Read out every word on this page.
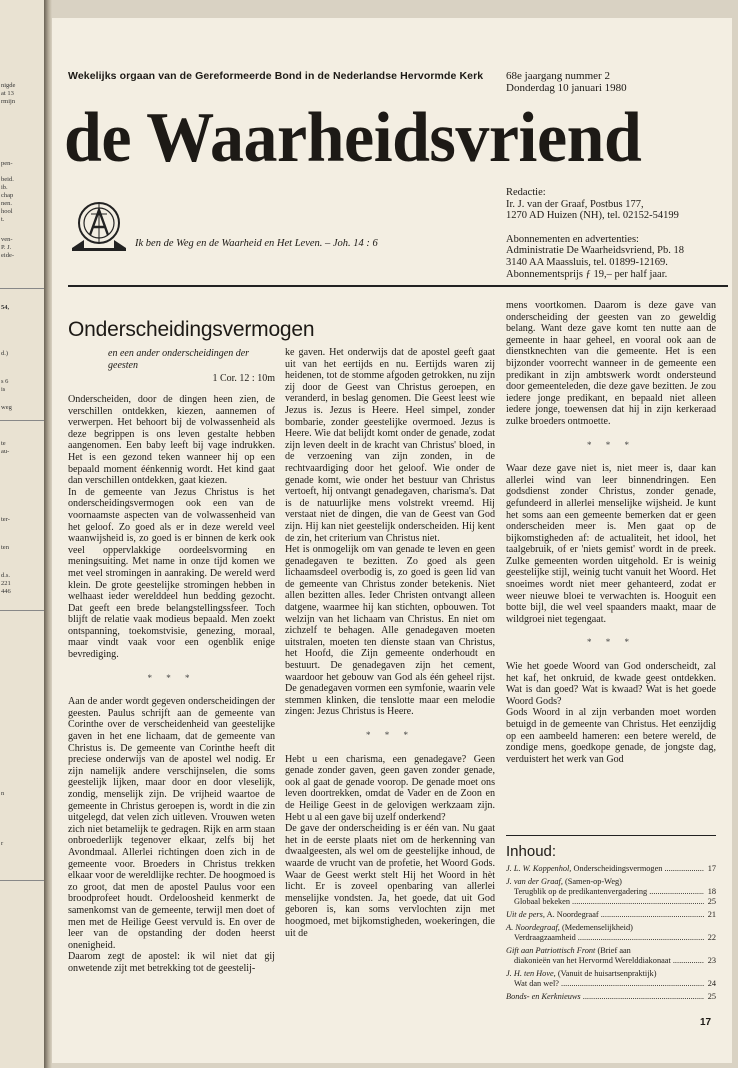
nigde
at 13
rmijn
pen-
beid.
ib.
chap
nen.
hool
t.
ven-
P. J.
eide-
54,
d.)
s 6
is
weg
te
au-
ter-
ten
d.s.
221
446
n
r
Wekelijks orgaan van de Gereformeerde Bond in de Nederlandse Hervormde Kerk 68e jaargang nummer 2
Donderdag 10 januari 1980
de Waarheidsvriend
Ik ben de Weg en de Waarheid en Het Leven. – Joh. 14 : 6
Redactie:
Ir. J. van der Graaf, Postbus 177,
1270 AD Huizen (NH), tel. 02152-54199
Abonnementen en advertenties:
Administratie De Waarheidsvriend, Pb. 18
3140 AA Maassluis, tel. 01899-12169.
Abonnementsprijs ƒ 19,– per half jaar.
Onderscheidingsvermogen
en een ander onderscheidingen der geesten
1 Cor. 12 : 10m

Onderscheiden, door de dingen heen zien, de verschillen ontdekken, kiezen, aannemen of verwerpen. Het behoort bij de volwassenheid als deze begrippen is ons leven gestalte hebben aangenomen. Een baby leeft bij vage indrukken. Het is een gezond teken wanneer hij op een bepaald moment éénkennig wordt. Het kind gaat dan verschillen ontdekken, gaat kiezen.

In de gemeente van Jezus Christus is het onderscheidingsvermogen ook een van de voornaamste aspecten van de volwassenheid van het geloof. Zo goed als er in deze wereld veel waanwijsheid is, zo goed is er binnen de kerk ook veel oppervlakkige oordeelsvorming en meningsuiting. Met name in onze tijd komen we met veel stromingen in aanraking. De wereld werd klein. De grote geestelijke stromingen hebben in welhaast ieder werelddeel hun bedding gezocht. Dat geeft een brede belangstellingssfeer. Toch blijft de relatie vaak modieus bepaald. Men zoekt ontspanning, toekomstvisie, genezing, moraal, maar vindt vaak voor een ogenblik enige bevrediging.

* * *

Aan de ander wordt gegeven onderscheidingen der geesten. Paulus schrijft aan de gemeente van Corinthe over de verscheidenheid van geestelijke gaven in het ene lichaam, dat de gemeente van Christus is. De gemeente van Corinthe heeft dit preciese onderwijs van de apostel wel nodig. Er zijn namelijk andere verschijnselen, die soms geestelijk lijken, maar door en door vleselijk, zondig, menselijk zijn. De vrijheid waartoe de gemeente in Christus geroepen is, wordt in die zin uitgelegd, dat velen zich uitleven. Vrouwen weten zich niet betamelijk te gedragen. Rijk en arm staan onbroederlijk tegenover elkaar, zelfs bij het Avondmaal. Allerlei richtingen doen zich in de gemeente voor. Broeders in Christus trekken elkaar voor de wereldlijke rechter. De hoogmoed is zo groot, dat men de apostel Paulus voor een broodprofeet houdt. Ordeloosheid kenmerkt de samenkomst van de gemeente, terwijl men doet of men met de Heilige Geest vervuld is. En over de leer van de opstanding der doden heerst onenigheid.

Daarom zegt de apostel: ik wil niet dat gij onwetende zijt met betrekking tot de geestelij-

ke gaven. Het onderwijs dat de apostel geeft gaat uit van het eertijds en nu. Eertijds waren zij heidenen, tot de stomme afgoden getrokken, nu zijn zij door de Geest van Christus geroepen, en veranderd, in beslag genomen. Die Geest leest wie Jezus is. Jezus is Heere. Heel simpel, zonder bombarie, zonder geestelijke overmoed. Jezus is Heere. Wie dat belijdt komt onder de genade, zodat zijn leven deelt in de kracht van Christus' bloed, in de verzoening van zijn zonden, in de rechtvaardiging door het geloof. Wie onder de genade komt, wie onder het bestuur van Christus vertoeft, hij ontvangt genadegaven, charisma's. Dat is de natuurlijke mens volstrekt vreemd. Hij verstaat niet de dingen, die van de Geest van God zijn. Hij kan niet geestelijk onderscheiden. Hij kent de zin, het criterium van Christus niet.

Het is onmogelijk om van genade te leven en geen genadegaven te bezitten. Zo goed als geen lichaamsdeel overbodig is, zo goed is geen lid van de gemeente van Christus zonder betekenis. Niet allen bezitten alles. Ieder Christen ontvangt alleen datgene, waarmee hij kan stichten, opbouwen. Tot welzijn van het lichaam van Christus. En niet om zichzelf te behagen. Alle genadegaven moeten uitstralen, moeten ten dienste staan van Christus, het Hoofd, die Zijn gemeente onderhoudt en bestuurt. De genadegaven zijn het cement, waardoor het gebouw van God als één geheel rijst. De genadegaven vormen een symfonie, waarin vele stemmen klinken, die tenslotte maar een melodie zingen: Jezus Christus is Heere.

* * *

Hebt u een charisma, een genadegave? Geen genade zonder gaven, geen gaven zonder genade, ook al gaat de genade voorop. De genade moet ons leven doortrekken, omdat de Vader en de Zoon en de Heilige Geest in de gelovigen werkzaam zijn. Hebt u al een gave bij uzelf onderkend?

De gave der onderscheiding is er één van. Nu gaat het in de eerste plaats niet om de herkenning van dwaalgeesten, als wel om de geestelijke inhoud, de waarde de vrucht van de profetie, het Woord Gods. Waar de Geest werkt stelt Hij het Woord in hèt licht. Er is zoveel openbaring van allerlei menselijke vondsten. Ja, het goede, dat uit God geboren is, kan soms vervlochten zijn met hoogmoed, met bijkomstigheden, woekeringen, die uit de

mens voortkomen. Daarom is deze gave van onderscheiding der geesten van zo geweldig belang. Want deze gave komt ten nutte aan de gemeente in haar geheel, en vooral ook aan de dienstknechten van die gemeente. Het is een bijzonder voorrecht wanneer in de gemeente een predikant in zijn ambtswerk wordt ondersteund door gemeenteleden, die deze gave bezitten. Je zou iedere jonge predikant, en bepaald niet alleen iedere jonge, toewensen dat hij in zijn kerkeraad zulke broeders ontmoette.

* * *

Waar deze gave niet is, niet meer is, daar kan allerlei wind van leer binnendringen. Een godsdienst zonder Christus, zonder genade, gefundeerd in allerlei menselijke wijsheid. Je kunt het soms aan een gemeente bemerken dat er geen onderscheiden meer is. Men gaat op de bijkomstigheden af: de actualiteit, het idool, het taalgebruik, of er 'niets gemist' wordt in de preek. Zulke gemeenten worden uitgehold. Er is weinig geestelijke stijl, weinig tucht vanuit het Woord. Het snoeimes wordt niet meer gehanteerd, zodat er weer nieuwe bloei te verwachten is. Hooguit een botte bijl, die wel veel spaanders maakt, maar de wildgroei niet tegengaat.

* * *

Wie het goede Woord van God onderscheidt, zal het kaf, het onkruid, de kwade geest ontdekken. Wat is dan goed? Wat is kwaad? Wat is het goede Woord Gods?

Gods Woord in al zijn verbanden moet worden betuigd in de gemeente van Christus. Het eenzijdig op een aambeeld hameren: een betere wereld, de zondige mens, goedkope genade, de jongste dag, verduistert het werk van God

Inhoud:
J. L. W. Koppenhol, Onderscheidingsvermogen .....	17
J. van der Graaf, (Samen-op-Weg)
Terugblik op de predikantenvergadering .....	18
Globaal bekeken .....	25
Uit de pers, A. Noordegraaf .....	21
A. Noordegraaf, (Medemenselijkheid)
Verdraagzaamheid .....	22
Gift aan Patriottisch Front (Brief aan
diakonieën van het Hervormd Werelddiakonaat .....	23
J. H. ten Hove, (Vanuit de huisartsenpraktijk)
Wat dan wel? .....	24
Bonds- en Kerknieuws .....	25
17
